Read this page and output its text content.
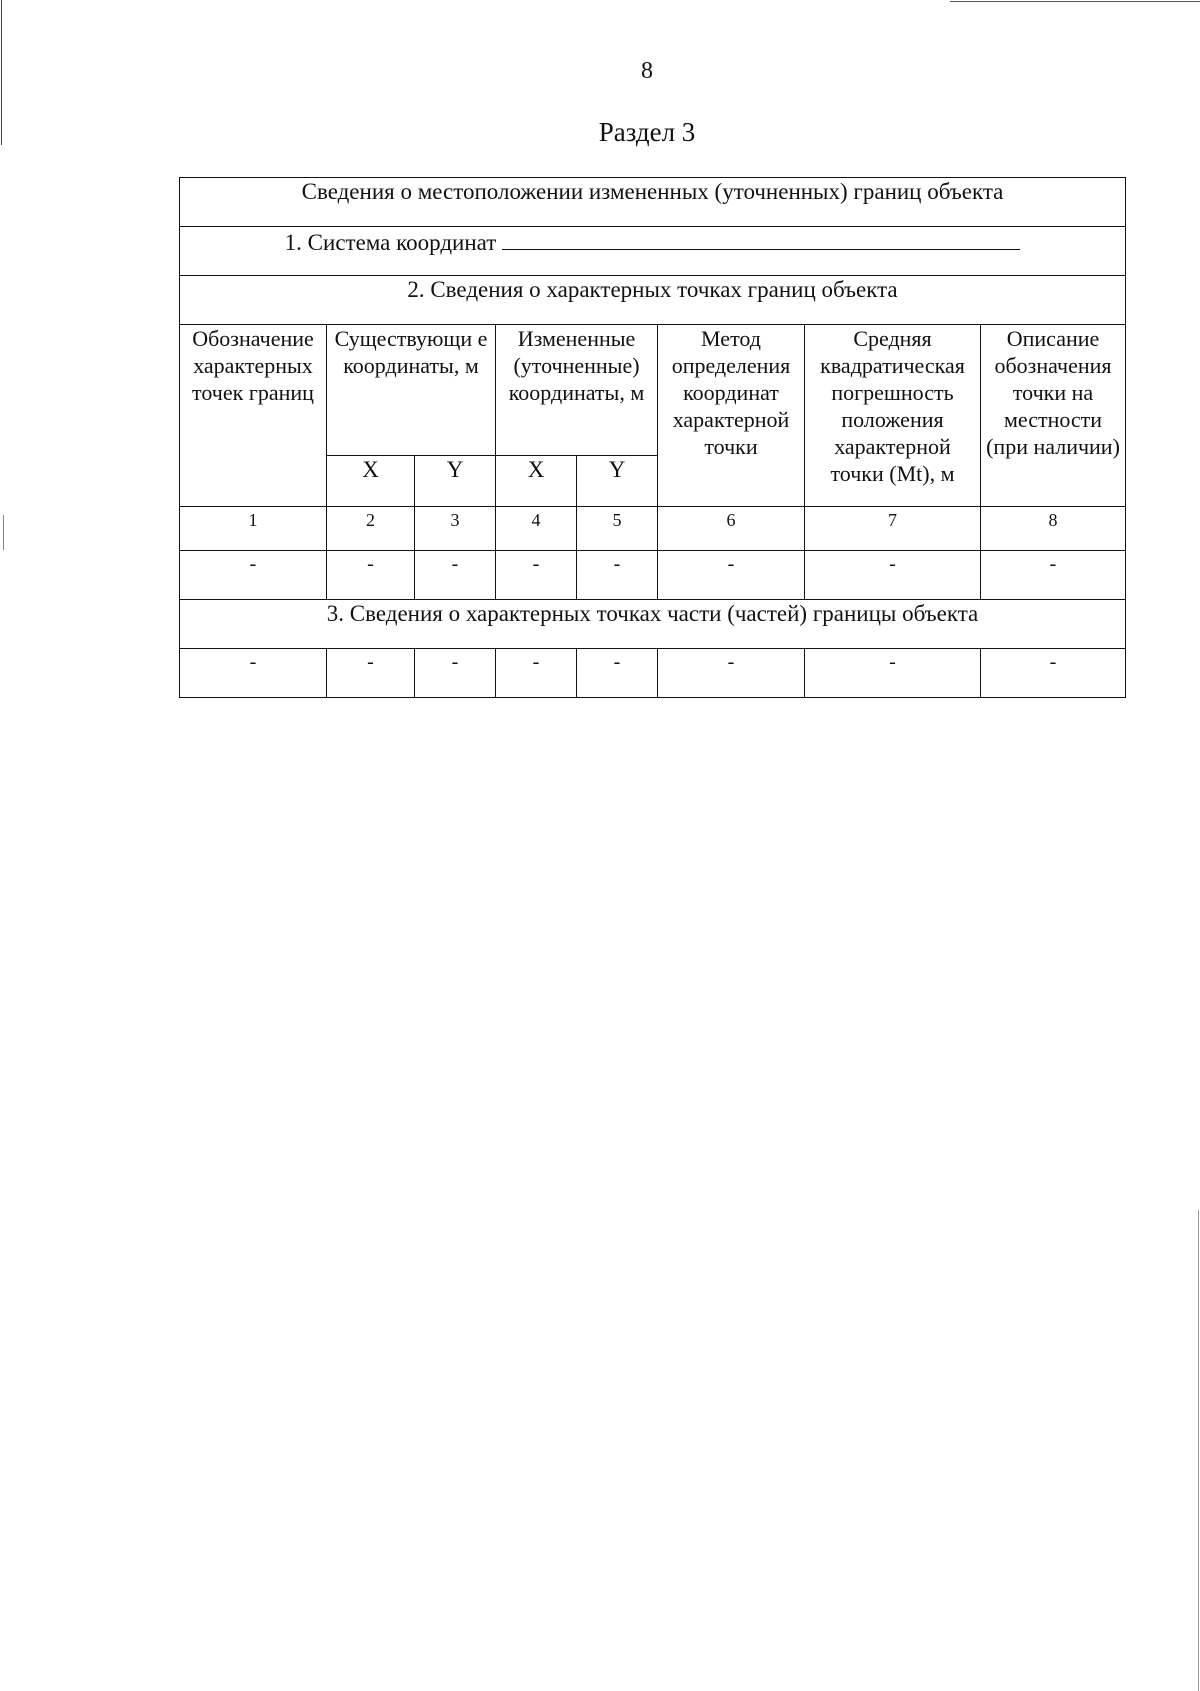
8
Раздел 3
Сведения о местоположении измененных (уточненных) границ объекта							
1. Система координат							
2. Сведения о характерных точках границ объекта							
Обозначение характерных точек границ	Существующи е координаты, м		Измененные (уточненные) координаты, м		Метод определения координат характерной точки	Средняя квадратическая погрешность положения характерной точки (Mt), м	Описание обозначения точки на местности (при наличии)
	X	Y	X	Y			
1	2	3	4	5	6	7	8
-	-	-	-	-	-	-	-
3. Сведения о характерных точках части (частей) границы объекта							
-	-	-	-	-	-	-	-
